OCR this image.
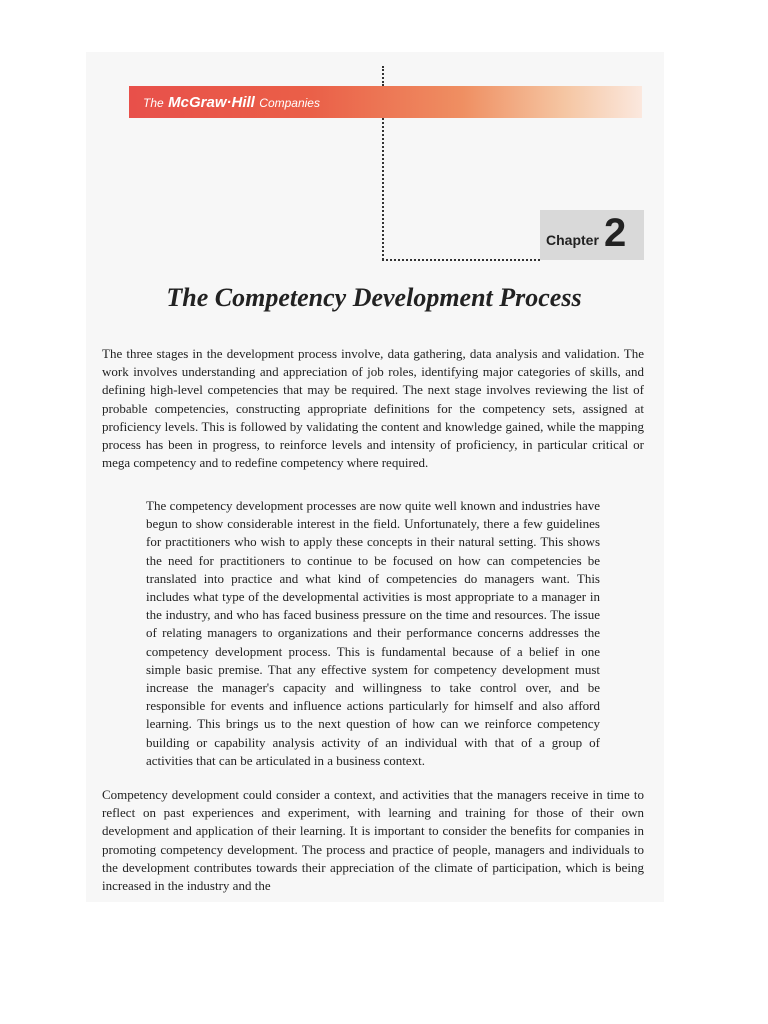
The McGraw·Hill Companies
Chapter 2
The Competency Development Process

The three stages in the development process involve, data gathering, data analysis and validation. The work involves understanding and appreciation of job roles, identifying major categories of skills, and defining high-level competencies that may be required. The next stage involves reviewing the list of probable competencies, constructing appropriate definitions for the competency sets, assigned at proficiency levels. This is followed by validating the content and knowledge gained, while the mapping process has been in progress, to reinforce levels and intensity of proficiency, in particular critical or mega competency and to redefine competency where required.

The competency development processes are now quite well known and industries have begun to show considerable interest in the field. Unfortunately, there a few guidelines for practitioners who wish to apply these concepts in their natural setting. This shows the need for practitioners to continue to be focused on how can competencies be translated into practice and what kind of competencies do managers want. This includes what type of the developmental activities is most appropriate to a manager in the industry, and who has faced business pressure on the time and resources. The issue of relating managers to organizations and their performance concerns addresses the competency development process. This is fundamental because of a belief in one simple basic premise. That any effective system for competency development must increase the manager's capacity and willingness to take control over, and be responsible for events and influence actions particularly for himself and also afford learning. This brings us to the next question of how can we reinforce competency building or capability analysis activity of an individual with that of a group of activities that can be articulated in a business context.

Competency development could consider a context, and activities that the managers receive in time to reflect on past experiences and experiment, with learning and training for those of their own development and application of their learning. It is important to consider the benefits for companies in promoting competency development. The process and practice of people, managers and individuals to the development contributes towards their appreciation of the climate of participation, which is being increased in the industry and the
